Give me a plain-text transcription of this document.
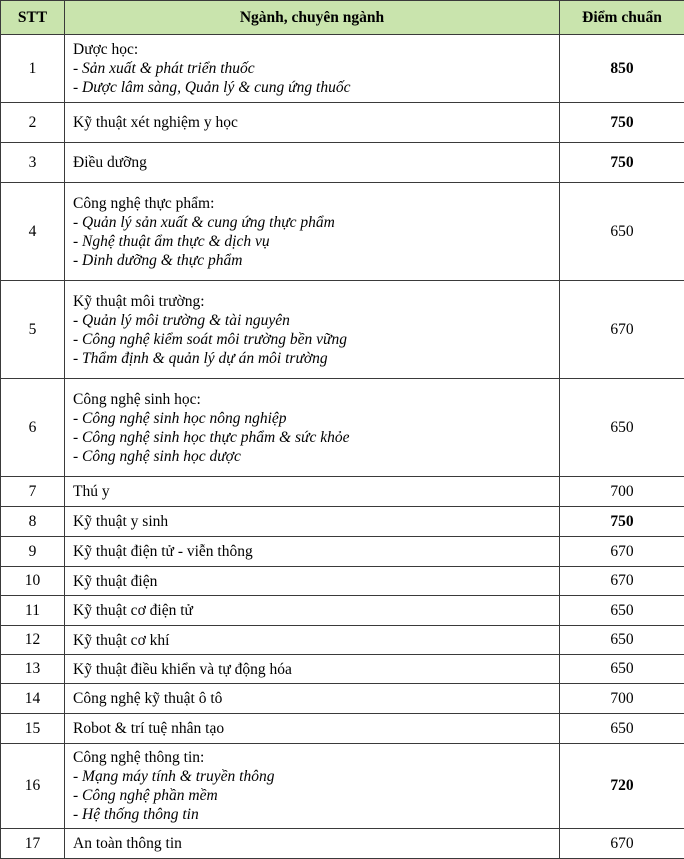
STT	Ngành, chuyên ngành	Điểm chuẩn
1	Dược học:
- Sản xuất & phát triển thuốc
- Dược lâm sàng, Quản lý & cung ứng thuốc	850
2	Kỹ thuật xét nghiệm y học	750
3	Điều dưỡng	750
4	Công nghệ thực phẩm:
- Quản lý sản xuất & cung ứng thực phẩm
- Nghệ thuật ẩm thực & dịch vụ
- Dinh dưỡng & thực phẩm	650
5	Kỹ thuật môi trường:
- Quản lý môi trường & tài nguyên
- Công nghệ kiểm soát môi trường bền vững
- Thẩm định & quản lý dự án môi trường	670
6	Công nghệ sinh học:
- Công nghệ sinh học nông nghiệp
- Công nghệ sinh học thực phẩm & sức khỏe
- Công nghệ sinh học dược	650
7	Thú y	700
8	Kỹ thuật y sinh	750
9	Kỹ thuật điện tử - viễn thông	670
10	Kỹ thuật điện	670
11	Kỹ thuật cơ điện tử	650
12	Kỹ thuật cơ khí	650
13	Kỹ thuật điều khiển và tự động hóa	650
14	Công nghệ kỹ thuật ô tô	700
15	Robot & trí tuệ nhân tạo	650
16	Công nghệ thông tin:
- Mạng máy tính & truyền thông
- Công nghệ phần mềm
- Hệ thống thông tin	720
17	An toàn thông tin	670
